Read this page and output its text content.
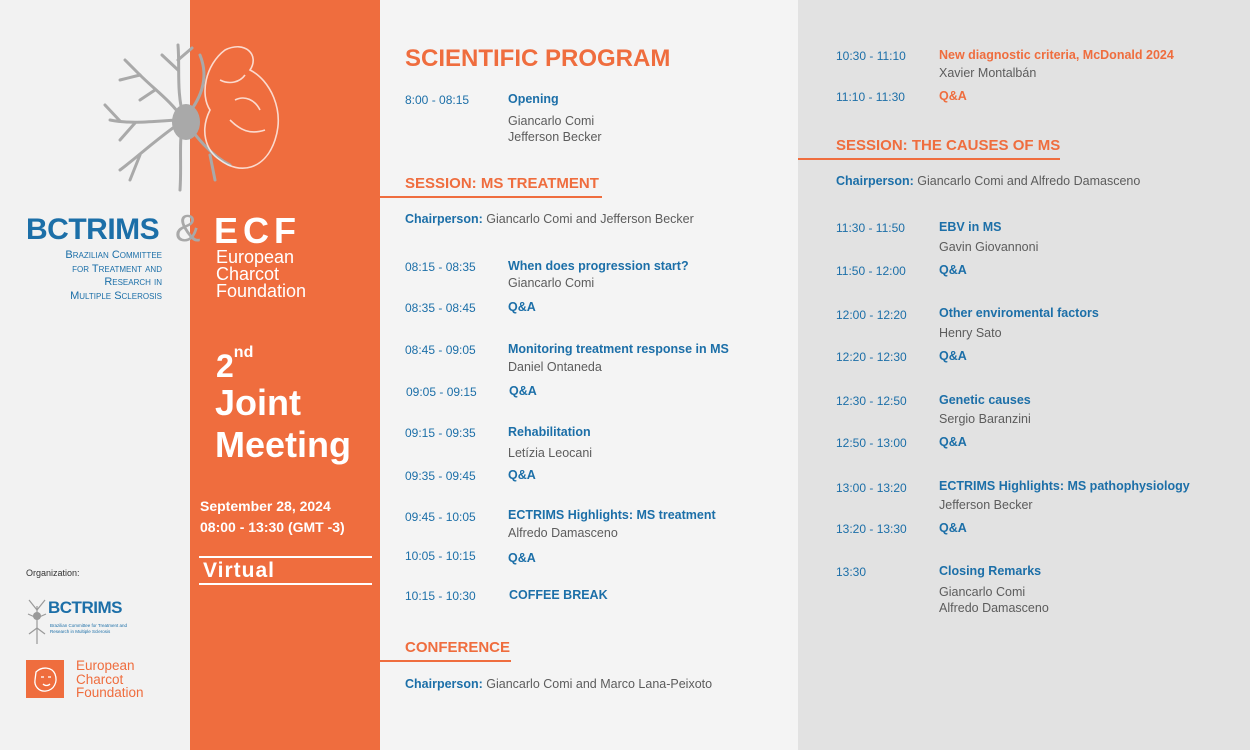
BCTRIMS &
Brazilian Committee
for Treatment and
Research in
Multiple Sclerosis
ECF
European
Charcot
Foundation
2nd
Joint
Meeting
September 28, 2024
08:00 - 13:30 (GMT -3)
Virtual
Organization:
BCTRIMS
Brazilian Committee for Treatment and Research in Multiple Sclerosis
European
Charcot
Foundation
SCIENTIFIC PROGRAM
8:00 - 08:15	Opening
Giancarlo Comi
Jefferson Becker
SESSION: MS TREATMENT
Chairperson: Giancarlo Comi and Jefferson Becker
08:15 - 08:35	When does progression start?
Giancarlo Comi
08:35 - 08:45	Q&A
08:45 - 09:05	Monitoring treatment response in MS
Daniel Ontaneda
09:05 - 09:15	Q&A
09:15 - 09:35	Rehabilitation
Letízia Leocani
09:35 - 09:45	Q&A
09:45 - 10:05	ECTRIMS Highlights: MS treatment
Alfredo Damasceno
10:05 - 10:15	Q&A
10:15 - 10:30	COFFEE BREAK
CONFERENCE
Chairperson: Giancarlo Comi and Marco Lana-Peixoto
10:30 - 11:10	New diagnostic criteria, McDonald 2024
Xavier Montalbán
11:10 - 11:30	Q&A
SESSION: THE CAUSES OF MS
Chairperson: Giancarlo Comi and Alfredo Damasceno
11:30 - 11:50	EBV in MS
Gavin Giovannoni
11:50 - 12:00	Q&A
12:00 - 12:20	Other enviromental factors
Henry Sato
12:20 - 12:30	Q&A
12:30 - 12:50	Genetic causes
Sergio Baranzini
12:50 - 13:00	Q&A
13:00 - 13:20	ECTRIMS Highlights: MS pathophysiology
Jefferson Becker
13:20 - 13:30	Q&A
13:30	Closing Remarks
Giancarlo Comi
Alfredo Damasceno
